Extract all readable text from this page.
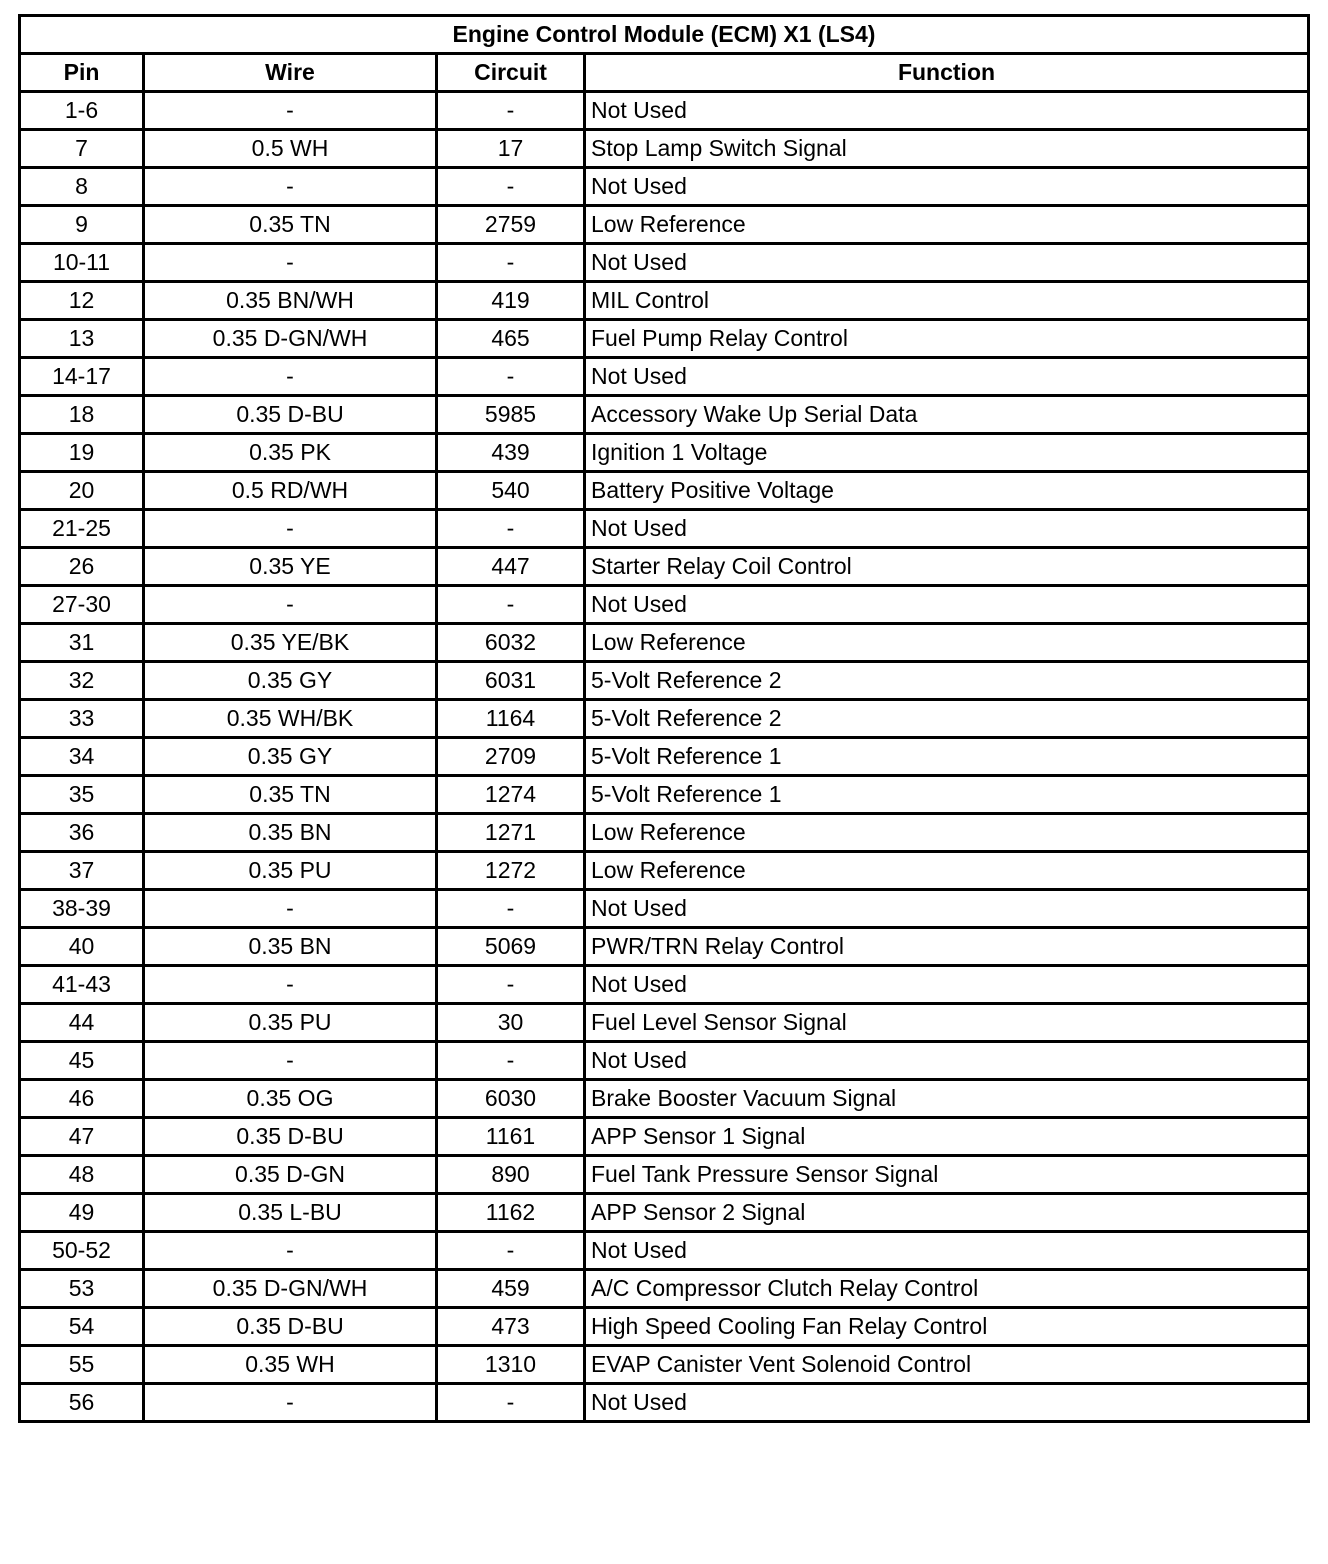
Engine Control Module (ECM) X1 (LS4)			
Pin	Wire	Circuit	Function
1-6	-	-	Not Used
7	0.5 WH	17	Stop Lamp Switch Signal
8	-	-	Not Used
9	0.35 TN	2759	Low Reference
10-11	-	-	Not Used
12	0.35 BN/WH	419	MIL Control
13	0.35 D-GN/WH	465	Fuel Pump Relay Control
14-17	-	-	Not Used
18	0.35 D-BU	5985	Accessory Wake Up Serial Data
19	0.35 PK	439	Ignition 1 Voltage
20	0.5 RD/WH	540	Battery Positive Voltage
21-25	-	-	Not Used
26	0.35 YE	447	Starter Relay Coil Control
27-30	-	-	Not Used
31	0.35 YE/BK	6032	Low Reference
32	0.35 GY	6031	5-Volt Reference 2
33	0.35 WH/BK	1164	5-Volt Reference 2
34	0.35 GY	2709	5-Volt Reference 1
35	0.35 TN	1274	5-Volt Reference 1
36	0.35 BN	1271	Low Reference
37	0.35 PU	1272	Low Reference
38-39	-	-	Not Used
40	0.35 BN	5069	PWR/TRN Relay Control
41-43	-	-	Not Used
44	0.35 PU	30	Fuel Level Sensor Signal
45	-	-	Not Used
46	0.35 OG	6030	Brake Booster Vacuum Signal
47	0.35 D-BU	1161	APP Sensor 1 Signal
48	0.35 D-GN	890	Fuel Tank Pressure Sensor Signal
49	0.35 L-BU	1162	APP Sensor 2 Signal
50-52	-	-	Not Used
53	0.35 D-GN/WH	459	A/C Compressor Clutch Relay Control
54	0.35 D-BU	473	High Speed Cooling Fan Relay Control
55	0.35 WH	1310	EVAP Canister Vent Solenoid Control
56	-	-	Not Used
